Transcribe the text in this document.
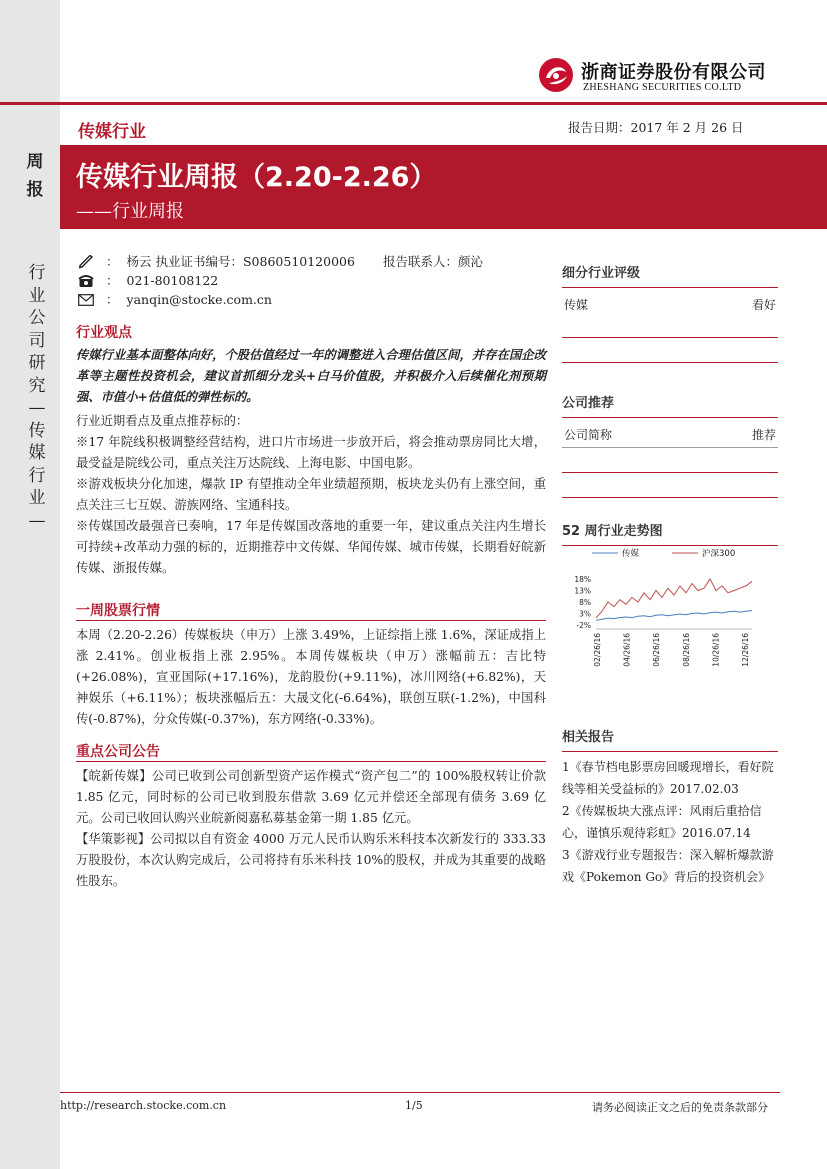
周报
行业公司研究—传媒行业—
浙商证券股份有限公司
ZHESHANG SECURITIES CO.LTD
传媒行业	报告日期：2017 年 2 月 26 日
传媒行业周报（2.20-2.26）
——行业周报
： 杨云 执业证书编号：S0860510120006 报告联系人：颜沁
： 021-80108122
： yanqin@stocke.com.cn
行业观点
传媒行业基本面整体向好，个股估值经过一年的调整进入合理估值区间，并存在国企改革等主题性投资机会，建议首抓细分龙头+白马价值股，并积极介入后续催化剂预期强、市值小+估值低的弹性标的。
行业近期看点及重点推荐标的：
※17 年院线积极调整经营结构，进口片市场进一步放开后，将会推动票房同比大增，最受益是院线公司，重点关注万达院线、上海电影、中国电影。
※游戏板块分化加速，爆款 IP 有望推动全年业绩超预期，板块龙头仍有上涨空间，重点关注三七互娱、游族网络、宝通科技。
※传媒国改最强音已奏响，17 年是传媒国改落地的重要一年，建议重点关注内生增长可持续+改革动力强的标的，近期推荐中文传媒、华闻传媒、城市传媒，长期看好皖新传媒、浙报传媒。
一周股票行情
本周（2.20-2.26）传媒板块（申万）上涨 3.49%，上证综指上涨 1.6%，深证成指上涨 2.41%。创业板指上涨 2.95%。本周传媒板块（申万）涨幅前五：吉比特(+26.08%)，宣亚国际(+17.16%)，龙韵股份(+9.11%)，冰川网络(+6.82%)，天神娱乐（+6.11%）；板块涨幅后五：大晟文化(-6.64%)，联创互联(-1.2%)，中国科传(-0.87%)，分众传媒(-0.37%)，东方网络(-0.33%)。
重点公司公告
【皖新传媒】公司已收到公司创新型资产运作模式“资产包二”的 100%股权转让价款 1.85 亿元，同时标的公司已收到股东借款 3.69 亿元并偿还全部现有债务 3.69 亿元。公司已收回认购兴业皖新阅嘉私募基金第一期 1.85 亿元。
【华策影视】公司拟以自有资金 4000 万元人民币认购乐米科技本次新发行的 333.33 万股股份，本次认购完成后，公司将持有乐米科技 10%的股权，并成为其重要的战略性股东。
细分行业评级
传媒	看好
公司推荐
公司简称	推荐
52 周行业走势图
传媒	沪深300
18%
13%
8%
3%
-2%
02/26/16	04/26/16	06/26/16	08/26/16	10/26/16	12/26/16
相关报告
1《春节档电影票房回暖现增长，看好院线等相关受益标的》2017.02.03
2《传媒板块大涨点评：风雨后重拾信心，谨慎乐观待彩虹》2016.07.14
3《游戏行业专题报告：深入解析爆款游戏《Pokemon Go》背后的投资机会》
http://research.stocke.com.cn	1/5	请务必阅读正文之后的免责条款部分
